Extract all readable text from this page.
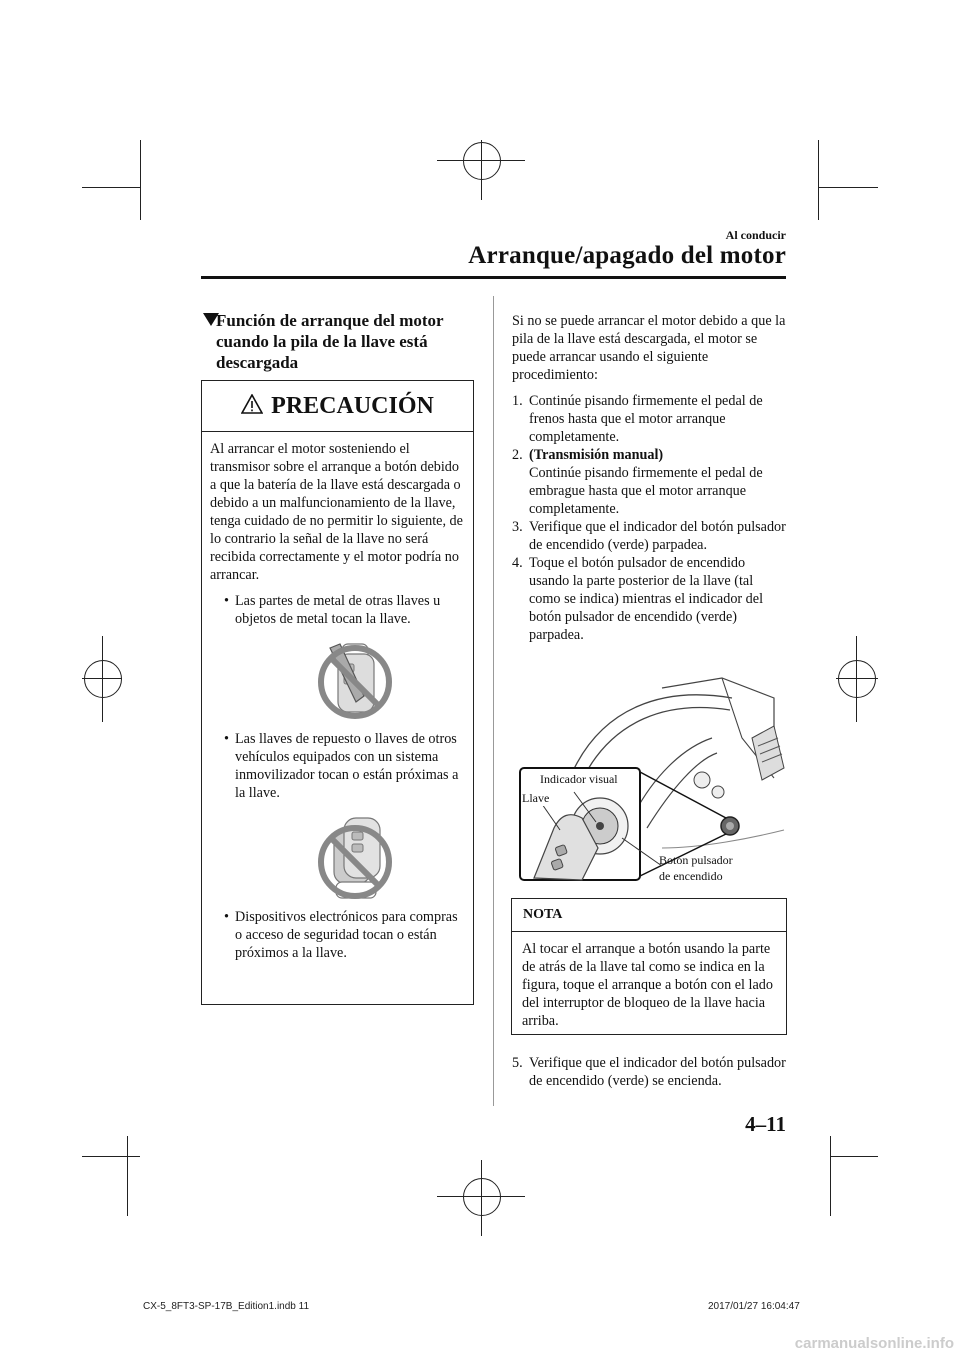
Al conducir
Arranque/apagado del motor
Función de arranque del motor cuando la pila de la llave está descargada
PRECAUCIÓN

Al arrancar el motor sosteniendo el transmisor sobre el arranque a botón debido a que la batería de la llave está descargada o debido a un malfuncionamiento de la llave, tenga cuidado de no permitir lo siguiente, de lo contrario la señal de la llave no será recibida correctamente y el motor podría no arrancar.

• Las partes de metal de otras llaves u objetos de metal tocan la llave.
• Las llaves de repuesto o llaves de otros vehículos equipados con un sistema inmovilizador tocan o están próximas a la llave.
• Dispositivos electrónicos para compras o acceso de seguridad tocan o están próximos a la llave.
Si no se puede arrancar el motor debido a que la pila de la llave está descargada, el motor se puede arrancar usando el siguiente procedimiento:
1. Continúe pisando firmemente el pedal de frenos hasta que el motor arranque completamente.
2. (Transmisión manual)
Continúe pisando firmemente el pedal de embrague hasta que el motor arranque completamente.
3. Verifique que el indicador del botón pulsador de encendido (verde) parpadea.
4. Toque el botón pulsador de encendido usando la parte posterior de la llave (tal como se indica) mientras el indicador del botón pulsador de encendido (verde) parpadea.
Indicador visual
Llave
Botón pulsador
de encendido
NOTA
Al tocar el arranque a botón usando la parte de atrás de la llave tal como se indica en la figura, toque el arranque a botón con el lado del interruptor de bloqueo de la llave hacia arriba.
5. Verifique que el indicador del botón pulsador de encendido (verde) se encienda.
4–11
CX-5_8FT3-SP-17B_Edition1.indb 11	2017/01/27 16:04:47
carmanualsonline.info
